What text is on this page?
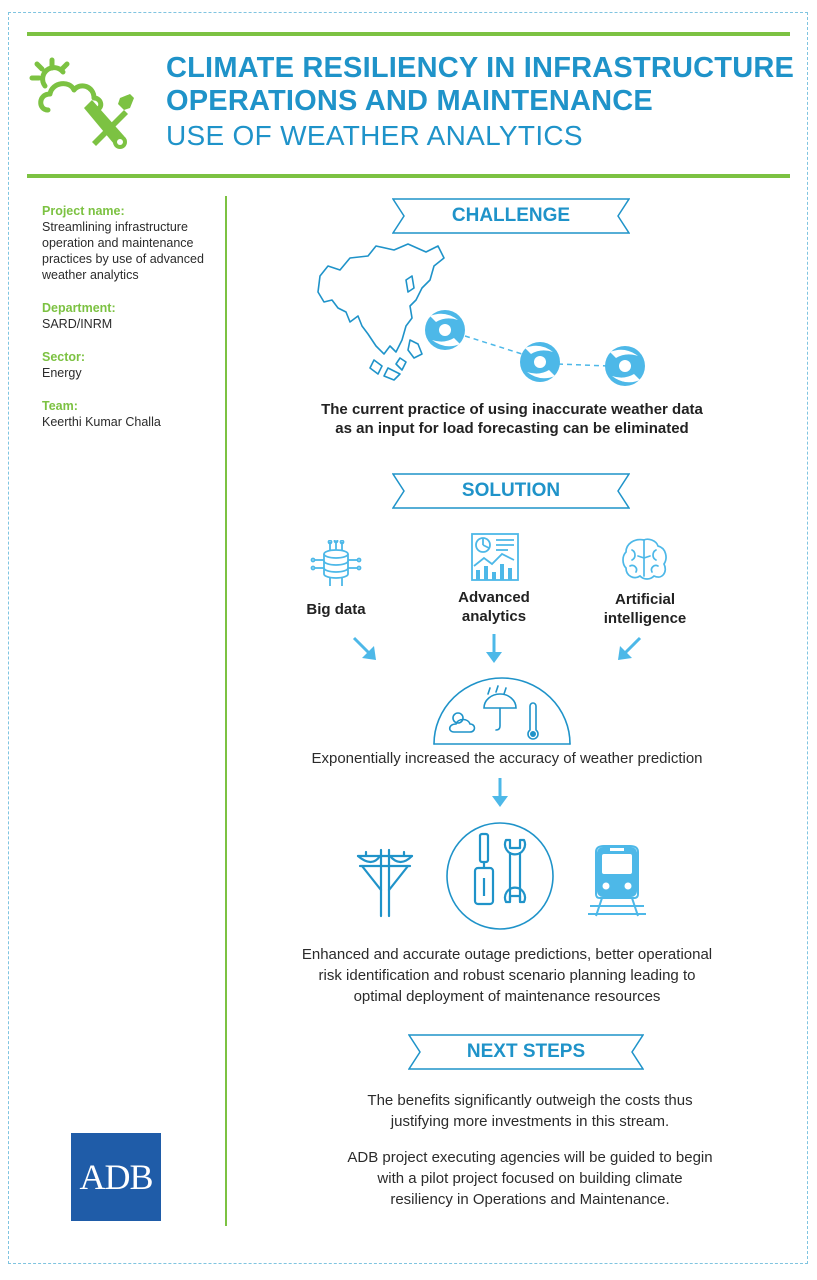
CLIMATE RESILIENCY IN INFRASTRUCTURE
OPERATIONS AND MAINTENANCE
USE OF WEATHER ANALYTICS
Project name:
Streamlining infrastructure operation and maintenance practices by use of advanced weather analytics
Department:
SARD/INRM
Sector:
Energy
Team:
Keerthi Kumar Challa
CHALLENGE
The current practice of using inaccurate weather data
as an input for load forecasting can be eliminated
SOLUTION
Big data
Advanced
analytics
Artificial
intelligence
Exponentially increased the accuracy of weather prediction
Enhanced and accurate outage predictions, better operational
risk identification and robust scenario planning leading to
optimal deployment of maintenance resources
NEXT STEPS
The benefits significantly outweigh the costs thus
justifying more investments in this stream.
ADB project executing agencies will be guided to begin
with a pilot project focused on building climate
resiliency in Operations and Maintenance.
ADB
